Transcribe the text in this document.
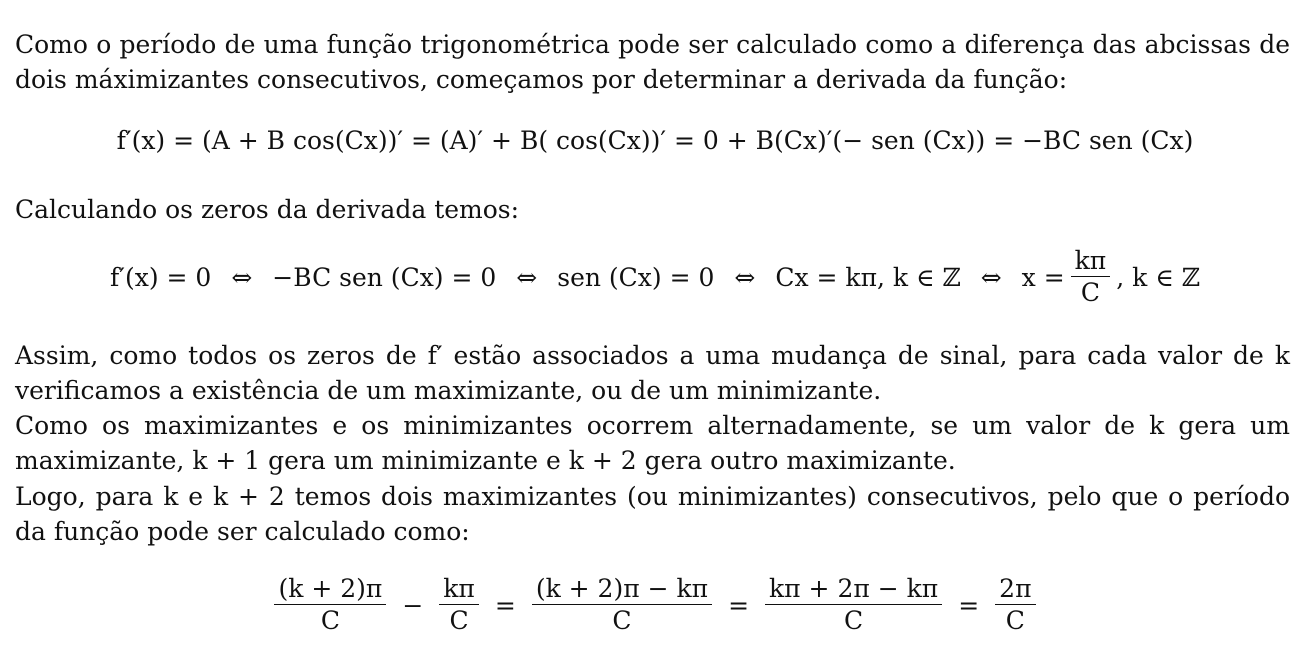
Como o período de uma função trigonométrica pode ser calculado como a diferença das abcissas de dois máximizantes consecutivos, começamos por determinar a derivada da função:

f′(x) = (A + B cos(Cx))′ = (A)′ + B( cos(Cx))′ = 0 + B(Cx)′(− sen (Cx)) = −BC sen (Cx)

Calculando os zeros da derivada temos:

f′(x) = 0 ⇔ −BC sen (Cx) = 0 ⇔ sen (Cx) = 0 ⇔ Cx = kπ, k ∈ ℤ ⇔ $x = \frac{k\pi}{C}$ , k ∈ ℤ

Assim, como todos os zeros de f′ estão associados a uma mudança de sinal, para cada valor de k verificamos a existência de um maximizante, ou de um minimizante.

Como os maximizantes e os minimizantes ocorrem alternadamente, se um valor de k gera um maximizante, k + 1 gera um minimizante e k + 2 gera outro maximizante.

Logo, para k e k + 2 temos dois maximizantes (ou minimizantes) consecutivos, pelo que o período da função pode ser calculado como:

$\frac{(k + 2)\pi}{C} - \frac{k\pi}{C} = \frac{(k + 2)\pi - k\pi}{C} = \frac{k\pi + 2\pi - k\pi}{C} = \frac{2\pi}{C}$
